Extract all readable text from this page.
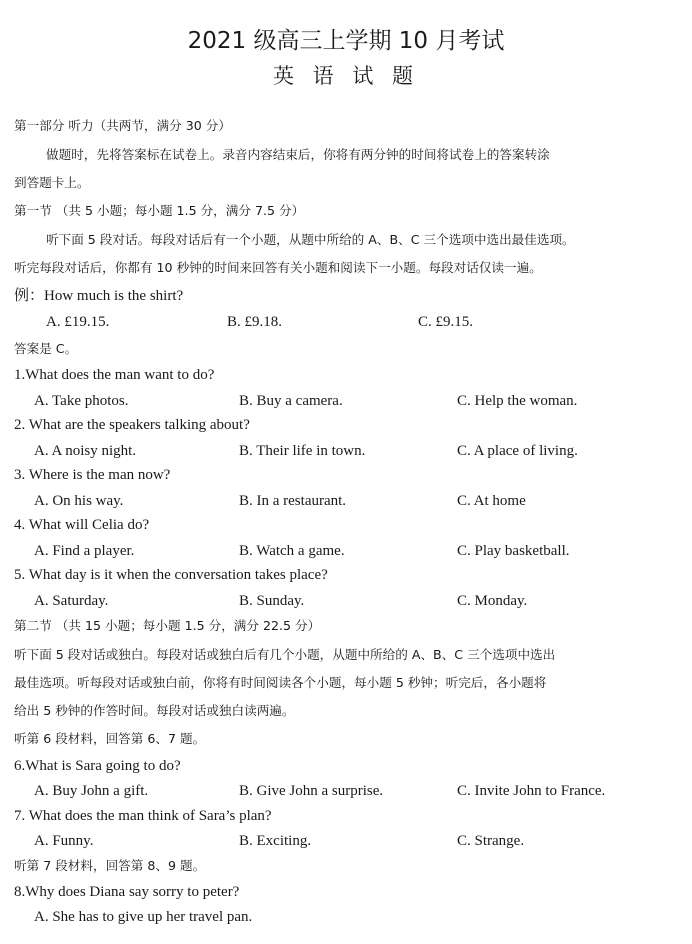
2021 级高三上学期 10 月考试
英 语 试 题
第一部分 听力（共两节，满分 30 分）
做题时，先将答案标在试卷上。录音内容结束后，你将有两分钟的时间将试卷上的答案转涂
到答题卡上。
第一节 （共 5 小题；每小题 1.5 分，满分 7.5 分）
听下面 5 段对话。每段对话后有一个小题，从题中所给的 A、B、C 三个选项中选出最佳选项。
听完每段对话后，你都有 10 秒钟的时间来回答有关小题和阅读下一小题。每段对话仅读一遍。
例：How much is the shirt?
A. £19.15.	B. £9.18.	C. £9.15.
答案是 C。
1.What does the man want to do?
A. Take photos.	B. Buy a camera.	C. Help the woman.
2. What are the speakers talking about?
A. A noisy night.	B. Their life in town.	C. A place of living.
3. Where is the man now?
A. On his way.	B. In a restaurant.	C. At home
4. What will Celia do?
A. Find a player.	B. Watch a game.	C. Play basketball.
5. What day is it when the conversation takes place?
A. Saturday.	B. Sunday.	C. Monday.
第二节 （共 15 小题；每小题 1.5 分，满分 22.5 分）
听下面 5 段对话或独白。每段对话或独白后有几个小题，从题中所给的 A、B、C 三个选项中选出
最佳选项。听每段对话或独白前，你将有时间阅读各个小题，每小题 5 秒钟；听完后，各小题将
给出 5 秒钟的作答时间。每段对话或独白读两遍。
听第 6 段材料，回答第 6、7 题。
6.What is Sara going to do?
A. Buy John a gift.	B. Give John a surprise.	C. Invite John to France.
7. What does the man think of Sara’s plan?
A. Funny.	B. Exciting.	C. Strange.
听第 7 段材料，回答第 8、9 题。
8.Why does Diana say sorry to peter?
A. She has to give up her travel pan.
